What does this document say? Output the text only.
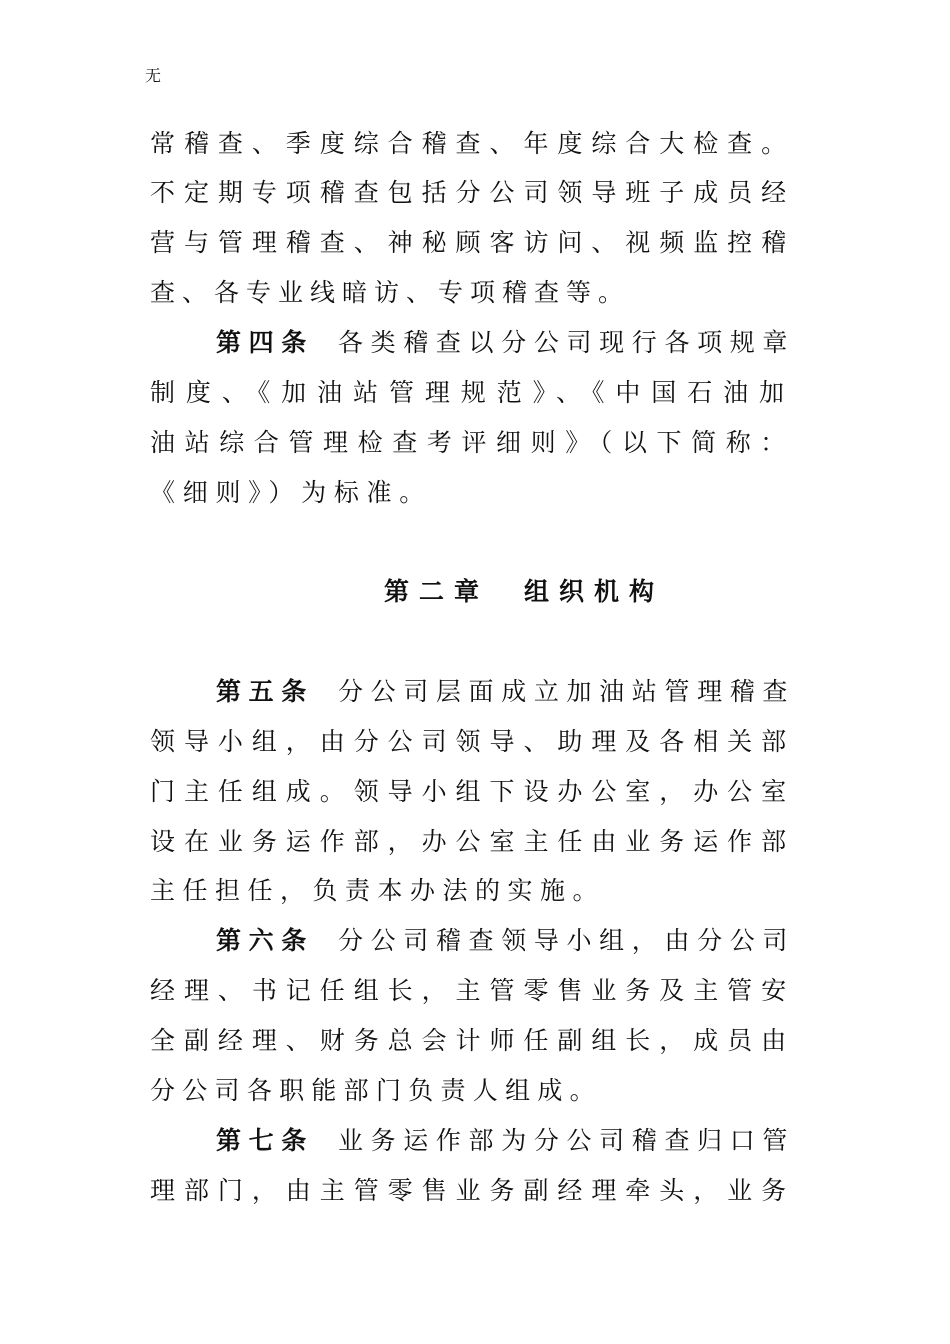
无
常稽查、季度综合稽查、年度综合大检查。
不定期专项稽查包括分公司领导班子成员经
营与管理稽查、神秘顾客访问、视频监控稽
查、各专业线暗访、专项稽查等。
第四条 各类稽查以分公司现行各项规章
制度、《加油站管理规范》、《中国石油加
油站综合管理检查考评细则》（以下简称：
《细则》）为标准。
第二章　组织机构
第五条 分公司层面成立加油站管理稽查
领导小组，由分公司领导、助理及各相关部
门主任组成。领导小组下设办公室，办公室
设在业务运作部，办公室主任由业务运作部
主任担任，负责本办法的实施。
第六条 分公司稽查领导小组，由分公司
经理、书记任组长，主管零售业务及主管安
全副经理、财务总会计师任副组长，成员由
分公司各职能部门负责人组成。
第七条 业务运作部为分公司稽查归口管
理部门，由主管零售业务副经理牵头，业务
